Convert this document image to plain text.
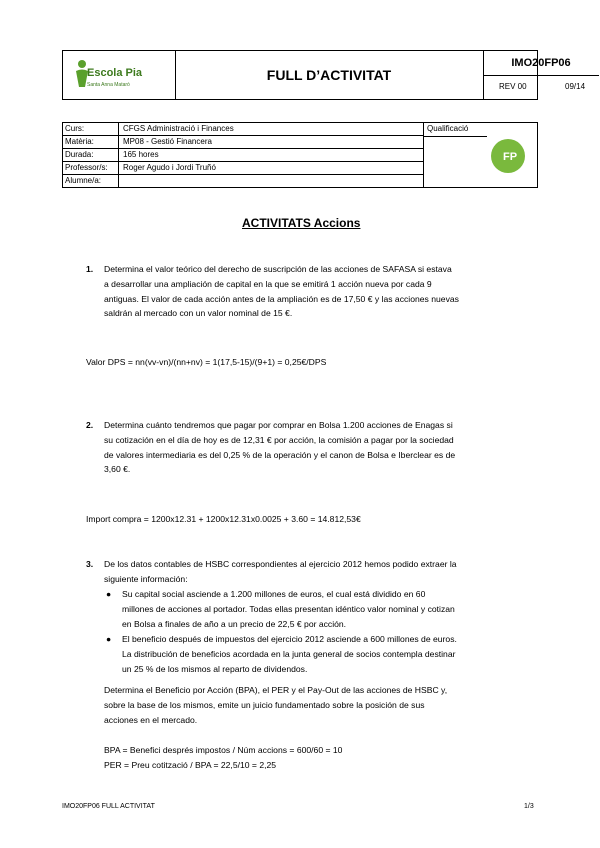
Escola Pia
Santa Anna Mataró
FULL D’ACTIVITAT
IMO20FP06
REV 00	09/14
Curs:	CFGS Administració i Finances
Matèria:	MP08 - Gestió Financera
Durada:	165 hores
Professor/s: Roger Agudo i Jordi Truñó
Alumne/a:
Qualificació
FP
ACTIVITATS Accions
1. Determina el valor teórico del derecho de suscripción de las acciones de SAFASA si estava
a desarrollar una ampliación de capital en la que se emitirá 1 acción nueva por cada 9
antiguas. El valor de cada acción antes de la ampliación es de 17,50 € y las acciones nuevas
saldrán al mercado con un valor nominal de 15 €.
Valor DPS = nn(vv-vn)/(nn+nv) = 1(17,5-15)/(9+1) = 0,25€/DPS
2. Determina cuánto tendremos que pagar por comprar en Bolsa 1.200 acciones de Enagas si
su cotización en el día de hoy es de 12,31 € por acción, la comisión a pagar por la sociedad
de valores intermediaria es del 0,25 % de la operación y el canon de Bolsa e Iberclear es de
3,60 €.
Import compra = 1200x12.31 + 1200x12.31x0.0025 + 3.60 = 14.812,53€
3. De los datos contables de HSBC correspondientes al ejercicio 2012 hemos podido extraer la
siguiente información:
● Su capital social asciende a 1.200 millones de euros, el cual está dividido en 60
millones de acciones al portador. Todas ellas presentan idéntico valor nominal y cotizan
en Bolsa a finales de año a un precio de 22,5 € por acción.
● El beneficio después de impuestos del ejercicio 2012 asciende a 600 millones de euros.
La distribución de beneficios acordada en la junta general de socios contempla destinar
un 25 % de los mismos al reparto de dividendos.
Determina el Beneficio por Acción (BPA), el PER y el Pay-Out de las acciones de HSBC y,
sobre la base de los mismos, emite un juicio fundamentado sobre la posición de sus
acciones en el mercado.
BPA = Benefici després impostos / Núm accions = 600/60 = 10
PER = Preu cotització / BPA = 22,5/10 = 2,25
IMO20FP06 FULL ACTIVITAT	1/3
